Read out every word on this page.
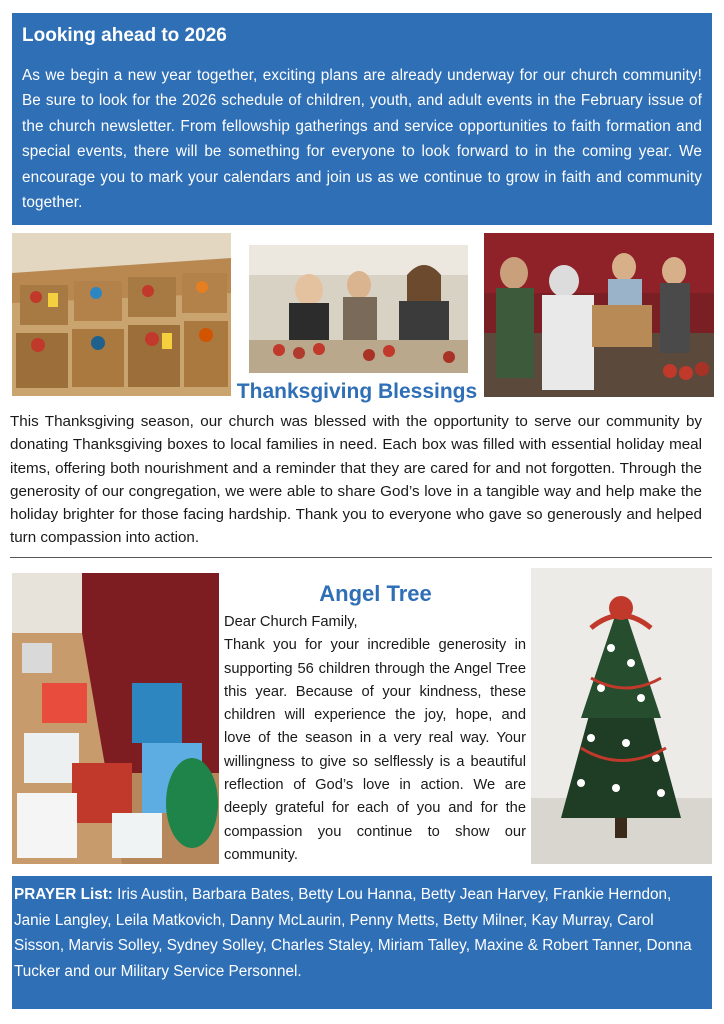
Looking ahead to 2026

As we begin a new year together, exciting plans are already underway for our church community! Be sure to look for the 2026 schedule of children, youth, and adult events in the February issue of the church newsletter. From fellowship gatherings and service opportunities to faith formation and special events, there will be something for everyone to look forward to in the coming year. We encourage you to mark your calendars and join us as we continue to grow in faith and community together.

Thanksgiving Blessings

This Thanksgiving season, our church was blessed with the opportunity to serve our community by donating Thanksgiving boxes to local families in need. Each box was filled with essential holiday meal items, offering both nourishment and a reminder that they are cared for and not forgotten. Through the generosity of our congregation, we were able to share God’s love in a tangible way and help make the holiday brighter for those facing hardship. Thank you to everyone who gave so generously and helped turn compassion into action.

Angel Tree
Dear Church Family,
Thank you for your incredible generosity in supporting 56 children through the Angel Tree this year. Because of your kindness, these children will experience the joy, hope, and love of the season in a very real way. Your willingness to give so selflessly is a beautiful reflection of God’s love in action. We are deeply grateful for each of you and for the compassion you continue to show our community.
PRAYER List: Iris Austin, Barbara Bates, Betty Lou Hanna, Betty Jean Harvey, Frankie Herndon, Janie Langley, Leila Matkovich, Danny McLaurin, Penny Metts, Betty Milner, Kay Murray, Carol Sisson, Marvis Solley, Sydney Solley, Charles Staley, Miriam Talley, Maxine & Robert Tanner, Donna Tucker and our Military Service Personnel.
